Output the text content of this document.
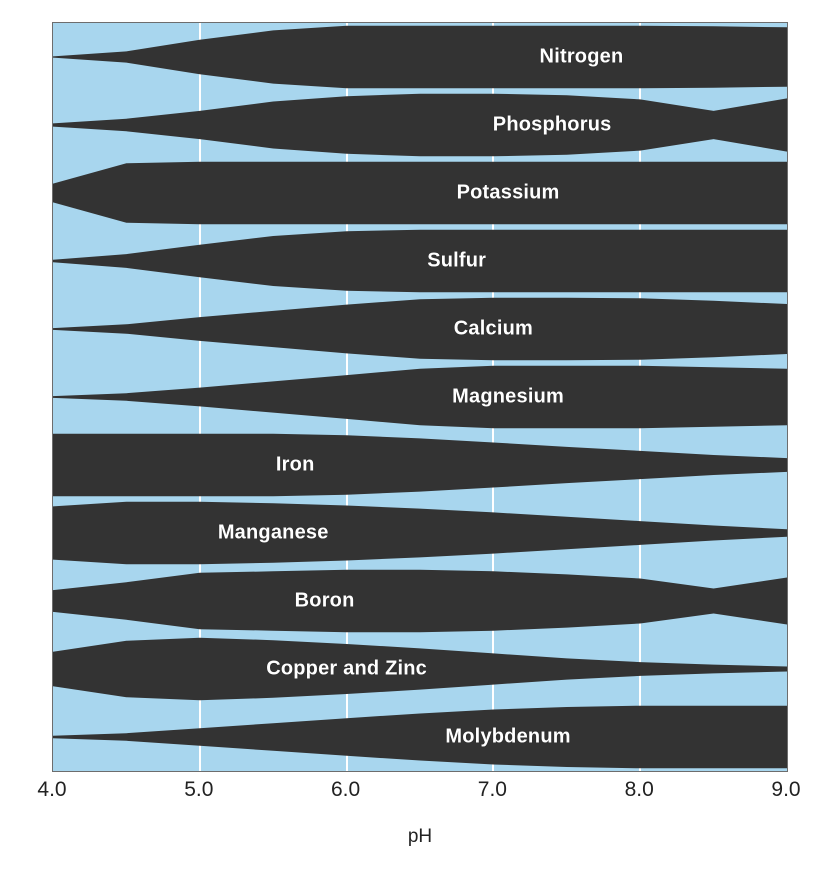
Nitrogen
Phosphorus
Potassium
Sulfur
Calcium
Magnesium
Iron
Manganese
Boron
Copper and Zinc
Molybdenum
4.0	5.0	6.0	7.0	8.0	9.0
pH
